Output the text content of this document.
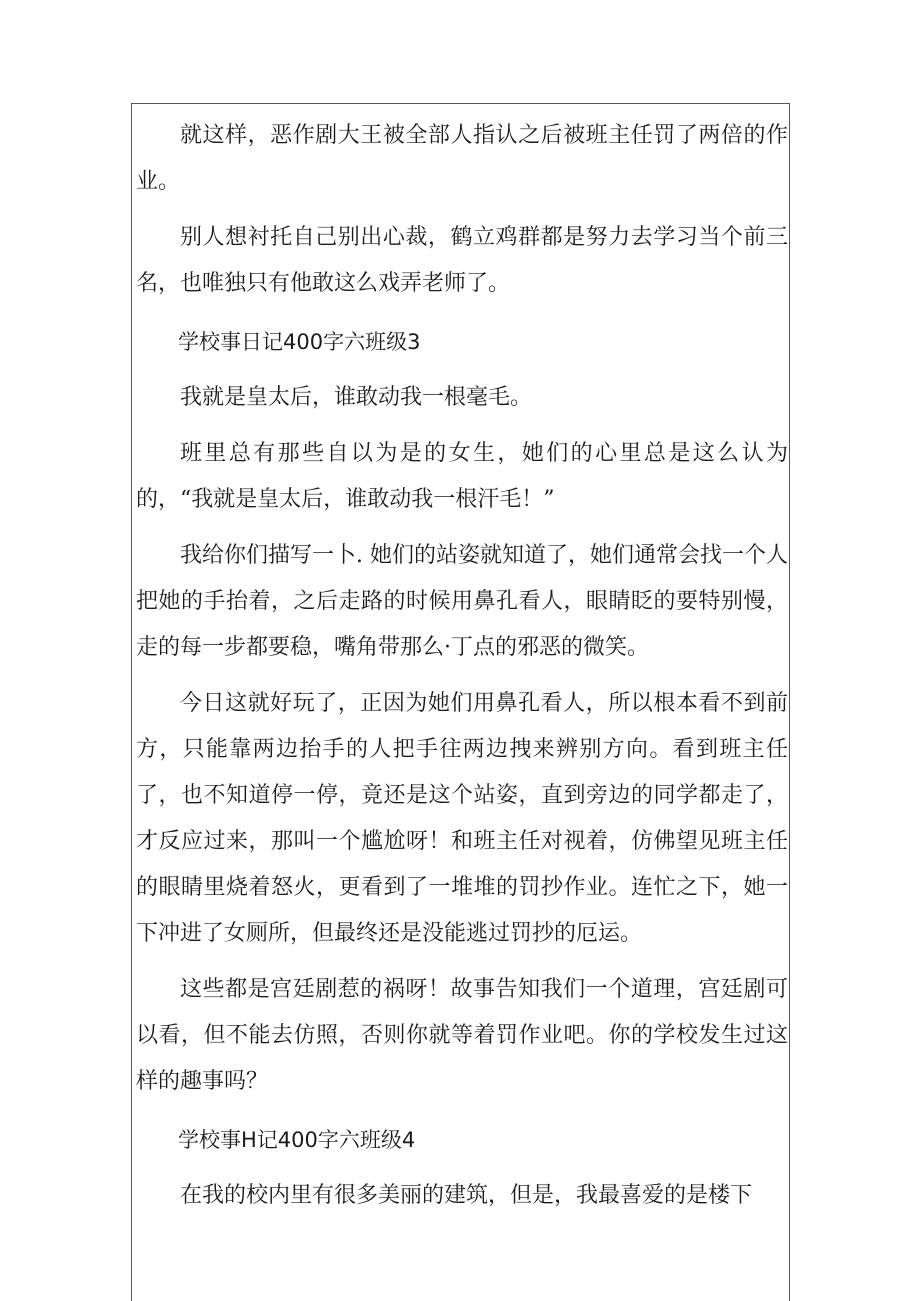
就这样，恶作剧大王被全部人指认之后被班主任罚了两倍的作业。

别人想衬托自己别出心裁，鹤立鸡群都是努力去学习当个前三名，也唯独只有他敢这么戏弄老师了。

学校事日记400字六班级3

我就是皇太后，谁敢动我一根毫毛。

班里总有那些自以为是的女生，她们的心里总是这么认为的，“我就是皇太后，谁敢动我一根汗毛！”

我给你们描写一卜. 她们的站姿就知道了，她们通常会找一个人把她的手抬着，之后走路的时候用鼻孔看人，眼睛眨的要特别慢，走的每一步都要稳，嘴角带那么·丁点的邪恶的微笑。

今日这就好玩了，正因为她们用鼻孔看人，所以根本看不到前方，只能靠两边抬手的人把手往两边拽来辨别方向。看到班主任了，也不知道停一停，竟还是这个站姿，直到旁边的同学都走了，才反应过来，那叫一个尴尬呀！和班主任对视着，仿佛望见班主任的眼睛里烧着怒火，更看到了一堆堆的罚抄作业。连忙之下，她一下冲进了女厕所，但最终还是没能逃过罚抄的厄运。

这些都是宫廷剧惹的祸呀！故事告知我们一个道理，宫廷剧可以看，但不能去仿照，否则你就等着罚作业吧。你的学校发生过这样的趣事吗？

学校事H记400字六班级4

在我的校内里有很多美丽的建筑，但是，我最喜爱的是楼下
